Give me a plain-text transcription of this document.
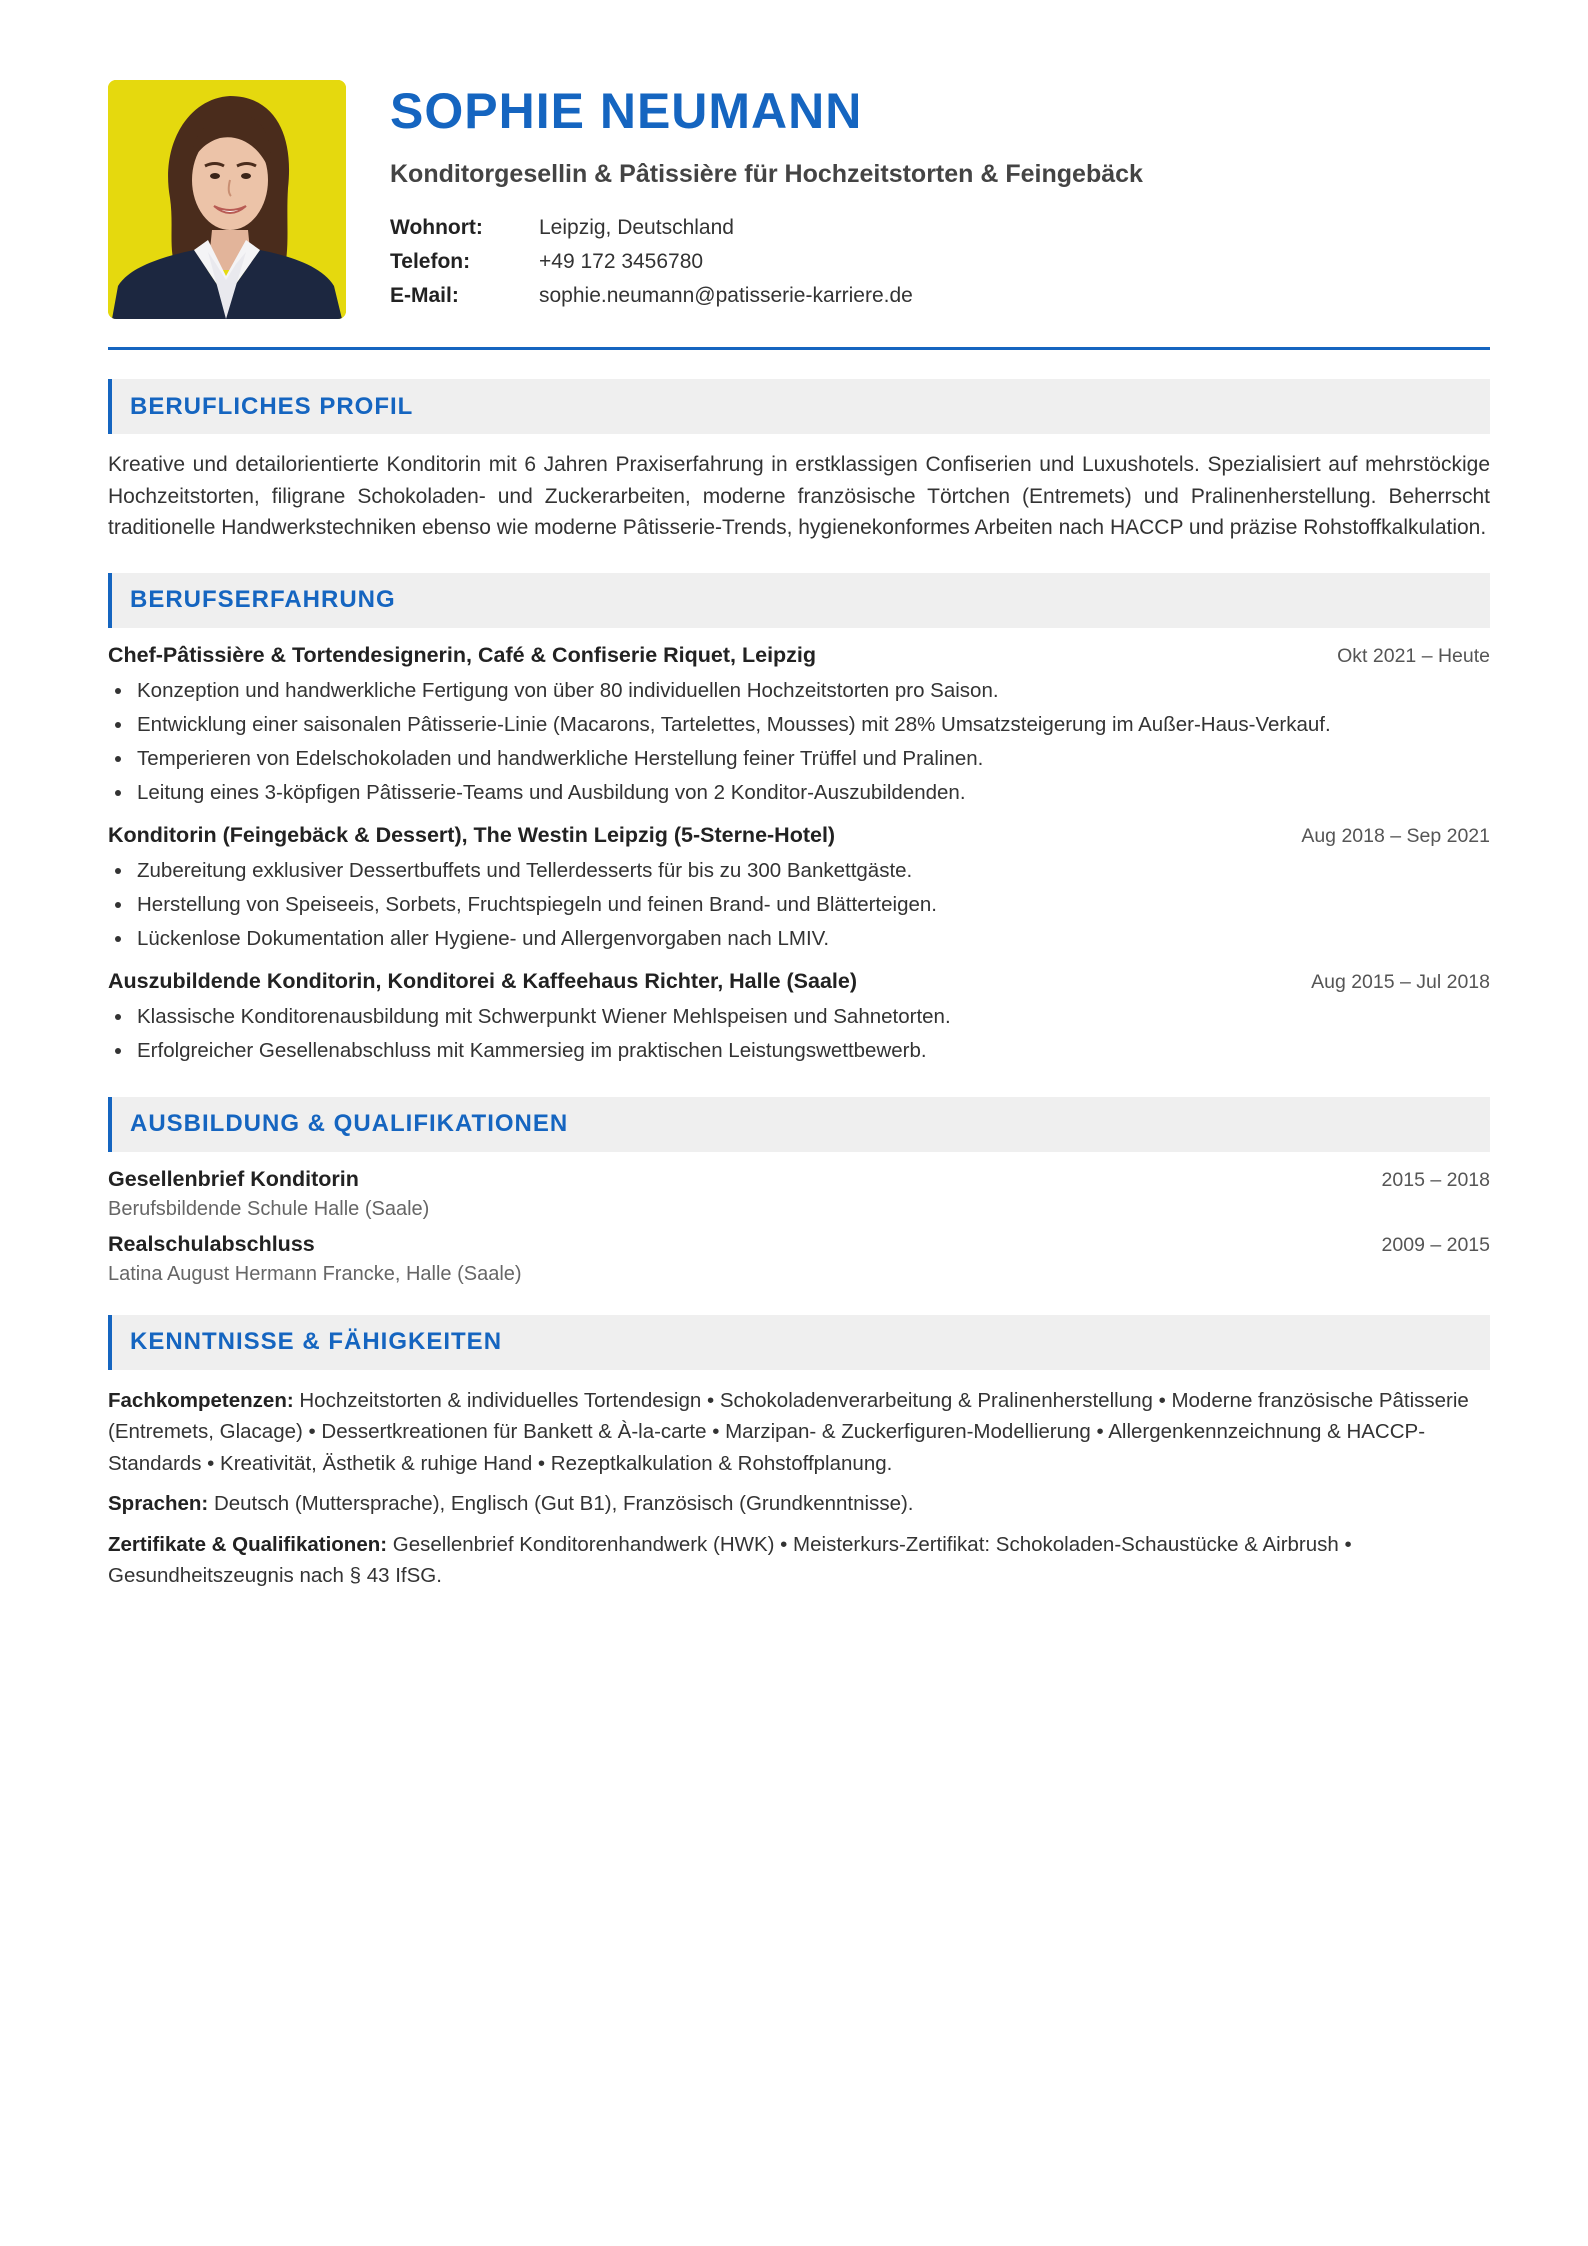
SOPHIE NEUMANN
Konditorgesellin & Pâtissière für Hochzeitstorten & Feingebäck
Wohnort:	Leipzig, Deutschland
Telefon:	+49 172 3456780
E-Mail:	sophie.neumann@patisserie-karriere.de
BERUFLICHES PROFIL

Kreative und detailorientierte Konditorin mit 6 Jahren Praxiserfahrung in erstklassigen Confiserien und Luxushotels. Spezialisiert auf mehrstöckige Hochzeitstorten, filigrane Schokoladen- und Zuckerarbeiten, moderne französische Törtchen (Entremets) und Pralinenherstellung. Beherrscht traditionelle Handwerkstechniken ebenso wie moderne Pâtisserie-Trends, hygienekonformes Arbeiten nach HACCP und präzise Rohstoffkalkulation.

BERUFSERFAHRUNG
Chef-Pâtissière & Tortendesignerin, Café & Confiserie Riquet, Leipzig	Okt 2021 – Heute
Konzeption und handwerkliche Fertigung von über 80 individuellen Hochzeitstorten pro Saison.
Entwicklung einer saisonalen Pâtisserie-Linie (Macarons, Tartelettes, Mousses) mit 28% Umsatzsteigerung im Außer-Haus-Verkauf.
Temperieren von Edelschokoladen und handwerkliche Herstellung feiner Trüffel und Pralinen.
Leitung eines 3-köpfigen Pâtisserie-Teams und Ausbildung von 2 Konditor-Auszubildenden.
Konditorin (Feingebäck & Dessert), The Westin Leipzig (5-Sterne-Hotel)	Aug 2018 – Sep 2021
Zubereitung exklusiver Dessertbuffets und Tellerdesserts für bis zu 300 Bankettgäste.
Herstellung von Speiseeis, Sorbets, Fruchtspiegeln und feinen Brand- und Blätterteigen.
Lückenlose Dokumentation aller Hygiene- und Allergenvorgaben nach LMIV.
Auszubildende Konditorin, Konditorei & Kaffeehaus Richter, Halle (Saale)	Aug 2015 – Jul 2018
Klassische Konditorenausbildung mit Schwerpunkt Wiener Mehlspeisen und Sahnetorten.
Erfolgreicher Gesellenabschluss mit Kammersieg im praktischen Leistungswettbewerb.
AUSBILDUNG & QUALIFIKATIONEN
Gesellenbrief Konditorin	2015 – 2018
Berufsbildende Schule Halle (Saale)
Realschulabschluss	2009 – 2015
Latina August Hermann Francke, Halle (Saale)
KENNTNISSE & FÄHIGKEITEN

Fachkompetenzen: Hochzeitstorten & individuelles Tortendesign • Schokoladenverarbeitung & Pralinenherstellung • Moderne französische Pâtisserie (Entremets, Glacage) • Dessertkreationen für Bankett & À-la-carte • Marzipan- & Zuckerfiguren-Modellierung • Allergenkennzeichnung & HACCP-Standards • Kreativität, Ästhetik & ruhige Hand • Rezeptkalkulation & Rohstoffplanung.

Sprachen: Deutsch (Muttersprache), Englisch (Gut B1), Französisch (Grundkenntnisse).

Zertifikate & Qualifikationen: Gesellenbrief Konditorenhandwerk (HWK) • Meisterkurs-Zertifikat: Schokoladen-Schaustücke & Airbrush • Gesundheitszeugnis nach § 43 IfSG.
